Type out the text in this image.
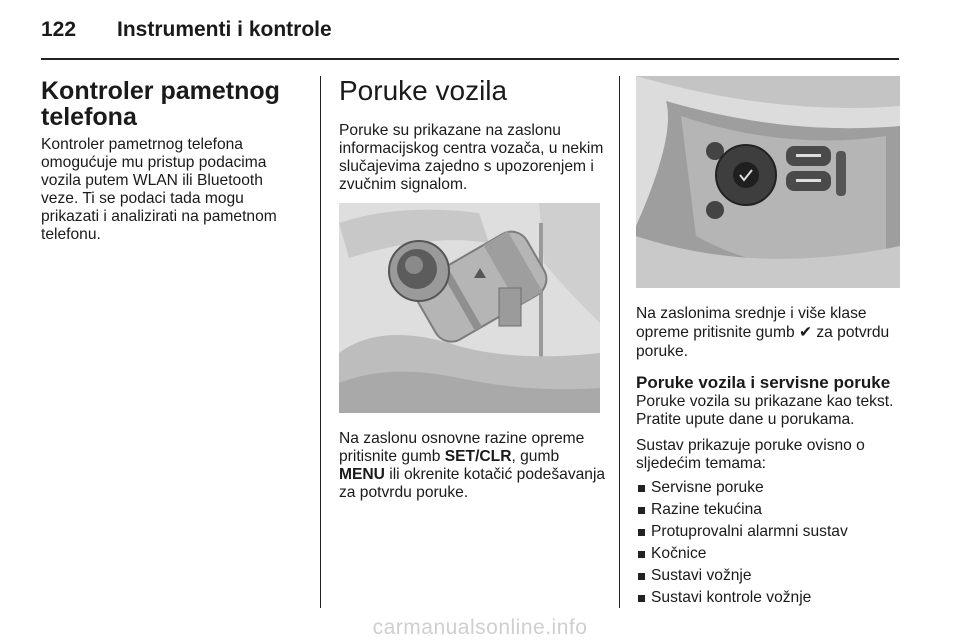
122 Instrumenti i kontrole
Kontroler pametnog telefona

Kontroler pametrnog telefona omogućuje mu pristup podacima vozila putem WLAN ili Bluetooth veze. Ti se podaci tada mogu prikazati i analizirati na pametnom telefonu.

Poruke vozila

Poruke su prikazane na zaslonu informacijskog centra vozača, u nekim slučajevima zajedno s upozorenjem i zvučnim signalom.

Na zaslonu osnovne razine opreme pritisnite gumb SET/CLR, gumb MENU ili okrenite kotačić podešavanja za potvrdu poruke.

Na zaslonima srednje i više klase opreme pritisnite gumb ✔ za potvrdu poruke.

Poruke vozila i servisne poruke

Poruke vozila su prikazane kao tekst. Pratite upute dane u porukama.

Sustav prikazuje poruke ovisno o sljedećim temama:

Servisne poruke
Razine tekućina
Protuprovalni alarmni sustav
Kočnice
Sustavi vožnje
Sustavi kontrole vožnje
carmanualsonline.info
